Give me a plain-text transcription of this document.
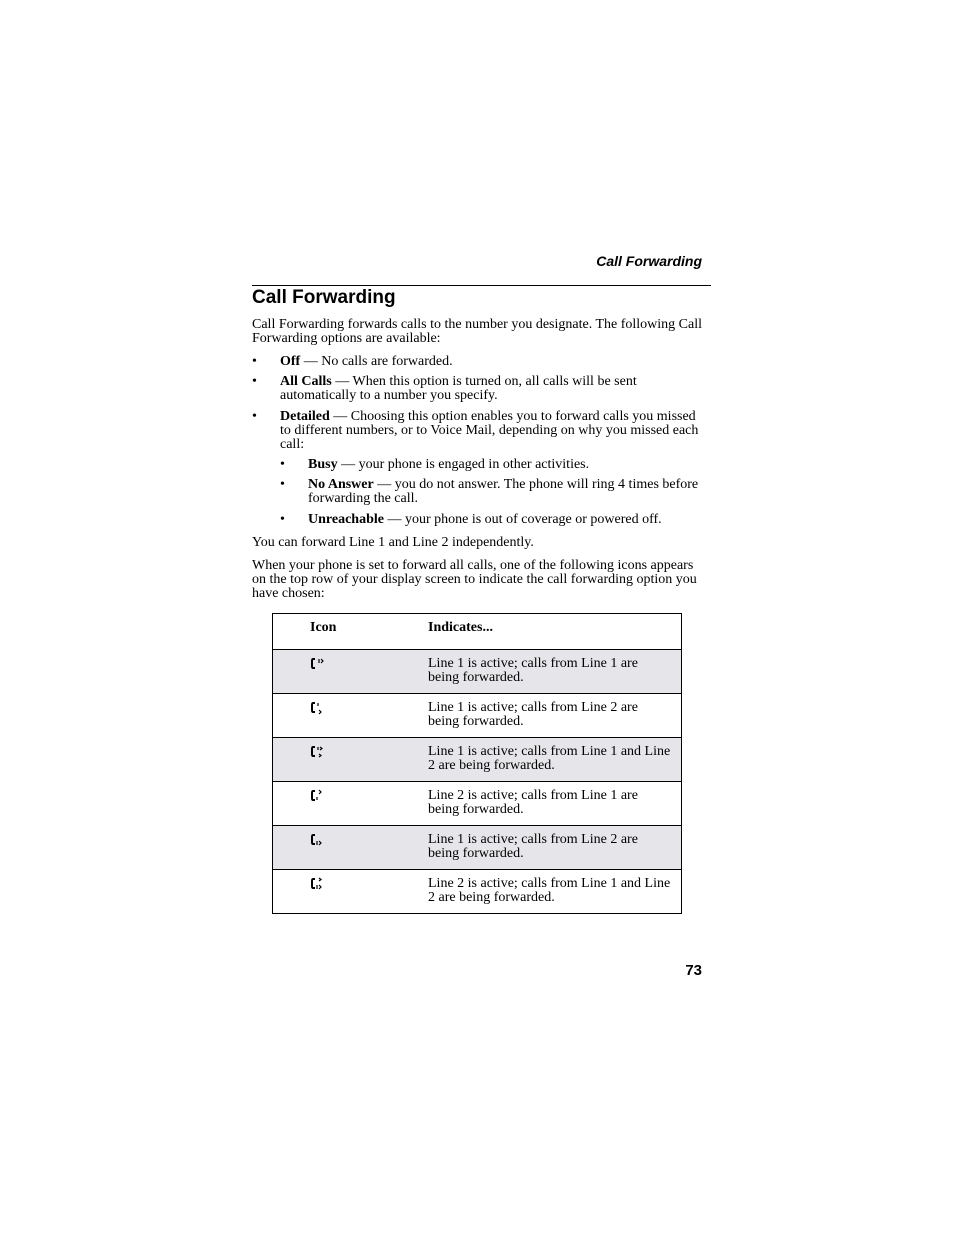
Call Forwarding
Call Forwarding

Call Forwarding forwards calls to the number you designate. The following Call Forwarding options are available:

• Off — No calls are forwarded.
• All Calls — When this option is turned on, all calls will be sent automatically to a number you specify.
• Detailed — Choosing this option enables you to forward calls you missed to different numbers, or to Voice Mail, depending on why you missed each call:
• Busy — your phone is engaged in other activities.
• No Answer — you do not answer. The phone will ring 4 times before forwarding the call.
• Unreachable — your phone is out of coverage or powered off.

You can forward Line 1 and Line 2 independently.

When your phone is set to forward all calls, one of the following icons appears on the top row of your display screen to indicate the call forwarding option you have chosen:

Icon	Indicates...
	Line 1 is active; calls from Line 1 are being forwarded.
	Line 1 is active; calls from Line 2 are being forwarded.
	Line 1 is active; calls from Line 1 and Line 2 are being forwarded.
	Line 2 is active; calls from Line 1 are being forwarded.
	Line 1 is active; calls from Line 2 are being forwarded.
	Line 2 is active; calls from Line 1 and Line 2 are being forwarded.
73
